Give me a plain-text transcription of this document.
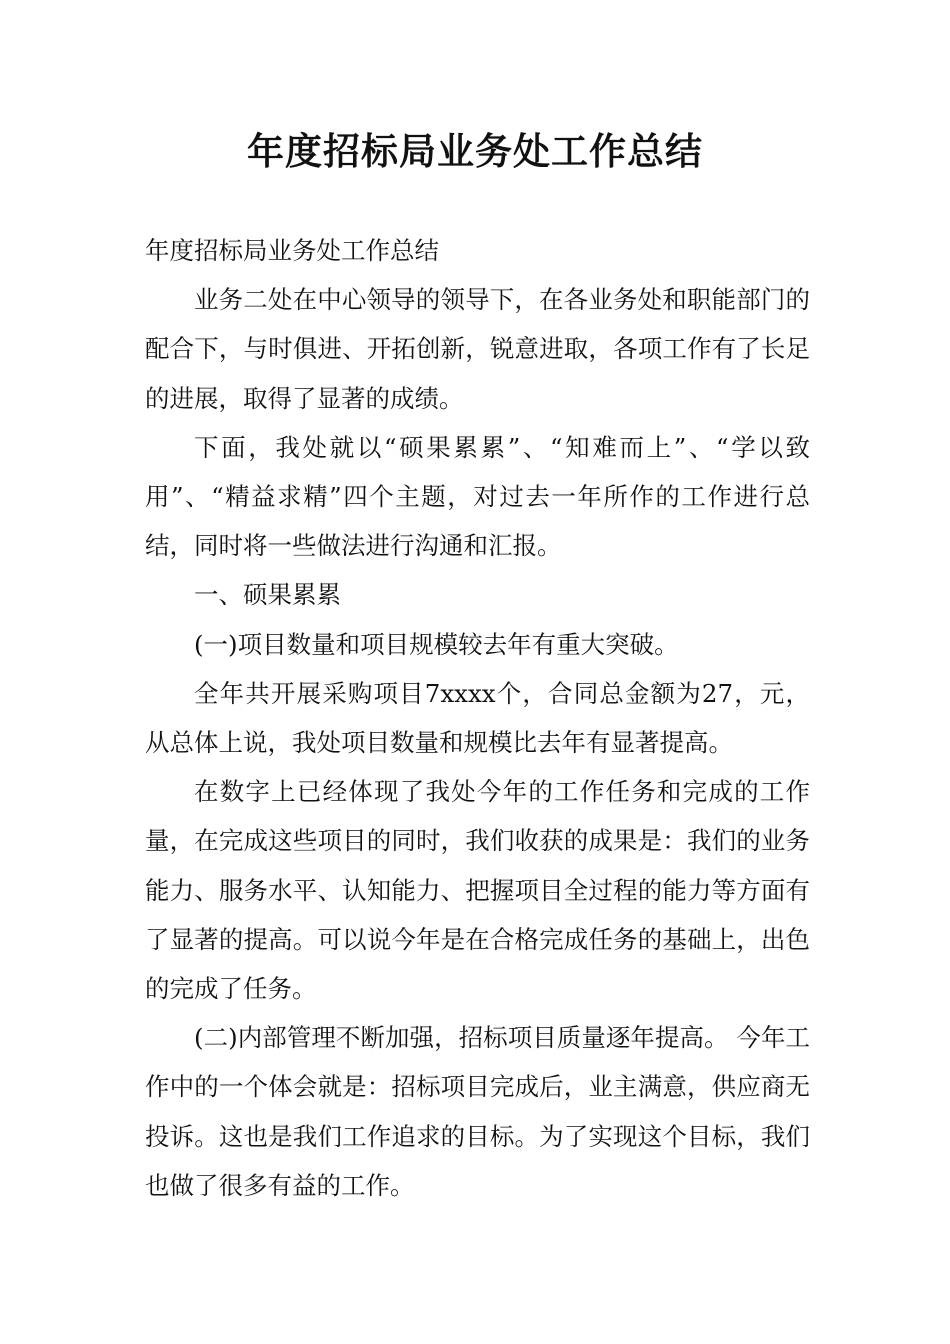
年度招标局业务处工作总结

年度招标局业务处工作总结

业务二处在中心领导的领导下，在各业务处和职能部门的配合下，与时俱进、开拓创新，锐意进取，各项工作有了长足的进展，取得了显著的成绩。

下面，我处就以“硕果累累”、“知难而上”、“学以致用”、“精益求精”四个主题，对过去一年所作的工作进行总结，同时将一些做法进行沟通和汇报。

一、硕果累累

(一)项目数量和项目规模较去年有重大突破。

全年共开展采购项目7xxxx个，合同总金额为27，元，从总体上说，我处项目数量和规模比去年有显著提高。

在数字上已经体现了我处今年的工作任务和完成的工作量，在完成这些项目的同时，我们收获的成果是：我们的业务能力、服务水平、认知能力、把握项目全过程的能力等方面有了显著的提高。可以说今年是在合格完成任务的基础上，出色的完成了任务。

(二)内部管理不断加强，招标项目质量逐年提高。 今年工作中的一个体会就是：招标项目完成后，业主满意，供应商无投诉。这也是我们工作追求的目标。为了实现这个目标，我们也做了很多有益的工作。
